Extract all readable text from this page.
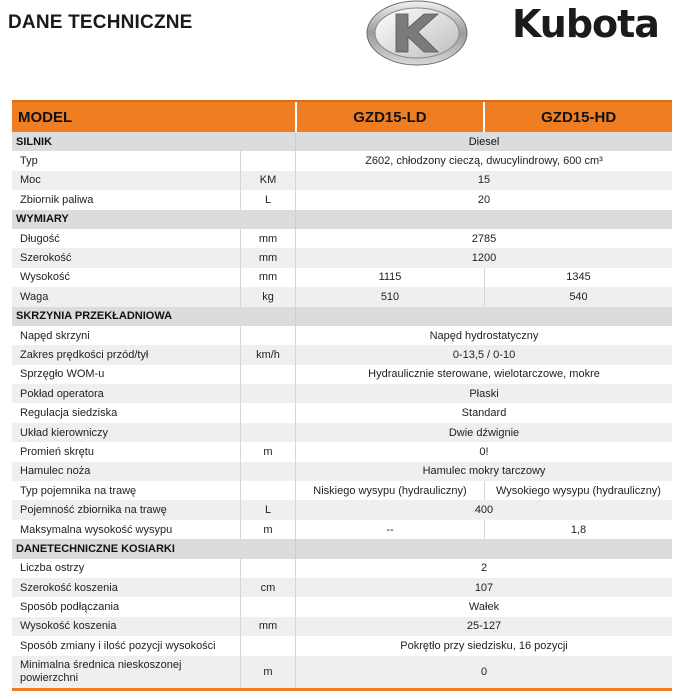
DANE TECHNICZNE	Kubota
MODEL	GZD15-LD	GZD15-HD
SILNIK	Diesel
Typ	Z602, chłodzony cieczą, dwucylindrowy, 600 cm³
Moc	KM	15
Zbiornik paliwa	L	20
WYMIARY
Długość	mm	2785
Szerokość	mm	1200
Wysokość	mm	1115	1345
Waga	kg	510	540
SKRZYNIA PRZEKŁADNIOWA
Napęd skrzyni	Napęd hydrostatyczny
Zakres prędkości przód/tył	km/h	0-13,5 / 0-10
Sprzęgło WOM-u	Hydraulicznie sterowane, wielotarczowe, mokre
Pokład operatora	Płaski
Regulacja siedziska	Standard
Układ kierowniczy	Dwie dźwignie
Promień skrętu	m	0!
Hamulec noża	Hamulec mokry tarczowy
Typ pojemnika na trawę	Niskiego wysypu (hydrauliczny)	Wysokiego wysypu (hydrauliczny)
Pojemność zbiornika na trawę	L	400
Maksymalna wysokość wysypu	m	--	1,8
DANETECHNICZNE KOSIARKI
Liczba ostrzy	2
Szerokość koszenia	cm	107
Sposób podłączania	Wałek
Wysokość koszenia	mm	25-127
Sposób zmiany i ilość pozycji wysokości	Pokrętło przy siedzisku, 16 pozycji
Minimalna średnica nieskoszonej powierzchni	m	0
